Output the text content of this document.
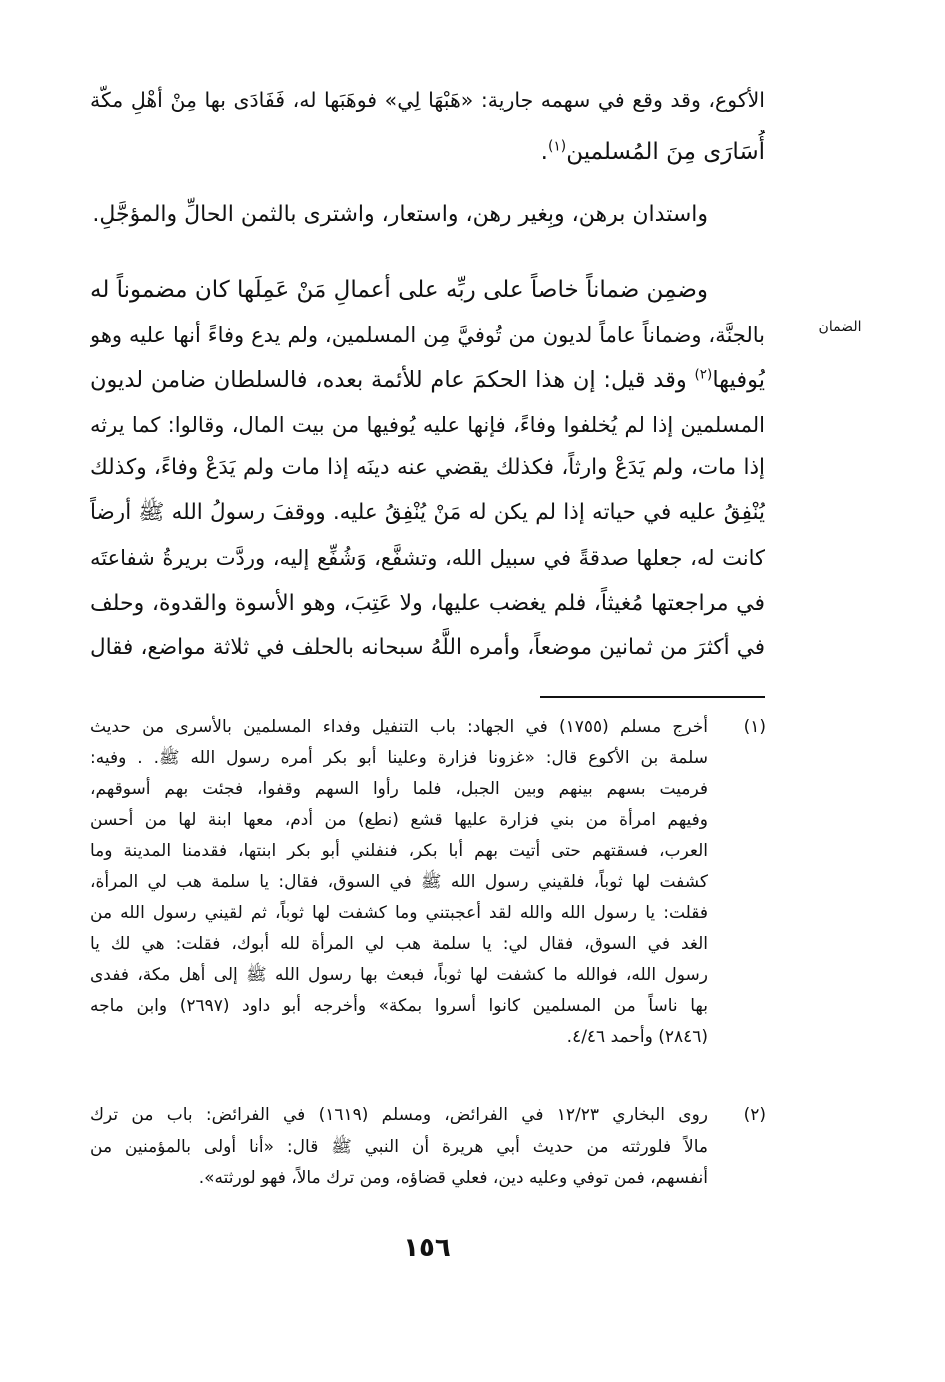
الأكوع، وقد وقع في سهمه جارية: «هَبْهَا لِي» فوهَبَها له، فَفَادَى بها مِنْ أهْلِ مكّة
أُسَارَى مِنَ المُسلمين$^{(١)}$.
واستدان برهن، وبِغير رهن، واستعار، واشترى بالثمن الحالِّ والمؤجَّلِ.
وضمِن ضماناً خاصاً على ربِّه على أعمالِ مَنْ عَمِلَها كان مضموناً له
بالجنَّة، وضماناً عاماً لديون من تُوفيَّ مِن المسلمين، ولم يدع وفاءً أنها عليه وهو
يُوفيها$^{(٢)}$ وقد قيل: إن هذا الحكمَ عام للأئمة بعده، فالسلطان ضامن لديون
المسلمين إذا لم يُخلفوا وفاءً، فإنها عليه يُوفيها من بيت المال، وقالوا: كما يرثه
إذا مات، ولم يَدَعْ وارثاً، فكذلك يقضي عنه دينَه إذا مات ولم يَدَعْ وفاءً، وكذلك
يُنْفِقُ عليه في حياته إذا لم يكن له مَنْ يُنْفِقُ عليه. ووقفَ رسولُ الله ﷺ أرضاً
كانت له، جعلها صدقةً في سبيل الله، وتشفَّع، وَشُفِّع إليه، وردَّت بريرةُ شفاعتَه
في مراجعتها مُغيثاً، فلم يغضب عليها، ولا عَتِبَ، وهو الأسوة والقدوة، وحلف
في أكثرَ من ثمانين موضعاً، وأمره اللَّهُ سبحانه بالحلف في ثلاثة مواضع، فقال
الضمان
(١)
أخرج مسلم (١٧٥٥) في الجهاد: باب التنفيل وفداء المسلمين بالأسرى من حديث
سلمة بن الأكوع قال: «غزونا فزارة وعلينا أبو بكر أمره رسول الله ﷺ. . وفيه:
فرميت بسهم بينهم وبين الجبل، فلما رأوا السهم وقفوا، فجئت بهم أسوقهم،
وفيهم امرأة من بني فزارة عليها قشع (نطع) من أدم، معها ابنة لها من أحسن
العرب، فسقتهم حتى أتيت بهم أبا بكر، فنفلني أبو بكر ابنتها، فقدمنا المدينة وما
كشفت لها ثوباً، فلقيني رسول الله ﷺ في السوق، فقال: يا سلمة هب لي المرأة،
فقلت: يا رسول الله والله لقد أعجبتني وما كشفت لها ثوباً، ثم لقيني رسول الله من
الغد في السوق، فقال لي: يا سلمة هب لي المرأة لله أبوك، فقلت: هي لك يا
رسول الله، فوالله ما كشفت لها ثوباً، فبعث بها رسول الله ﷺ إلى أهل مكة، ففدى
بها ناساً من المسلمين كانوا أسروا بمكة» وأخرجه أبو داود (٢٦٩٧) وابن ماجه
(٢٨٤٦) وأحمد ٤/٤٦.
(٢)
روى البخاري ١٢/٢٣ في الفرائض، ومسلم (١٦١٩) في الفرائض: باب من ترك
مالاً فلورثته من حديث أبي هريرة أن النبي ﷺ قال: «أنا أولى بالمؤمنين من
أنفسهم، فمن توفي وعليه دين، فعلي قضاؤه، ومن ترك مالاً، فهو لورثته».
١٥٦
